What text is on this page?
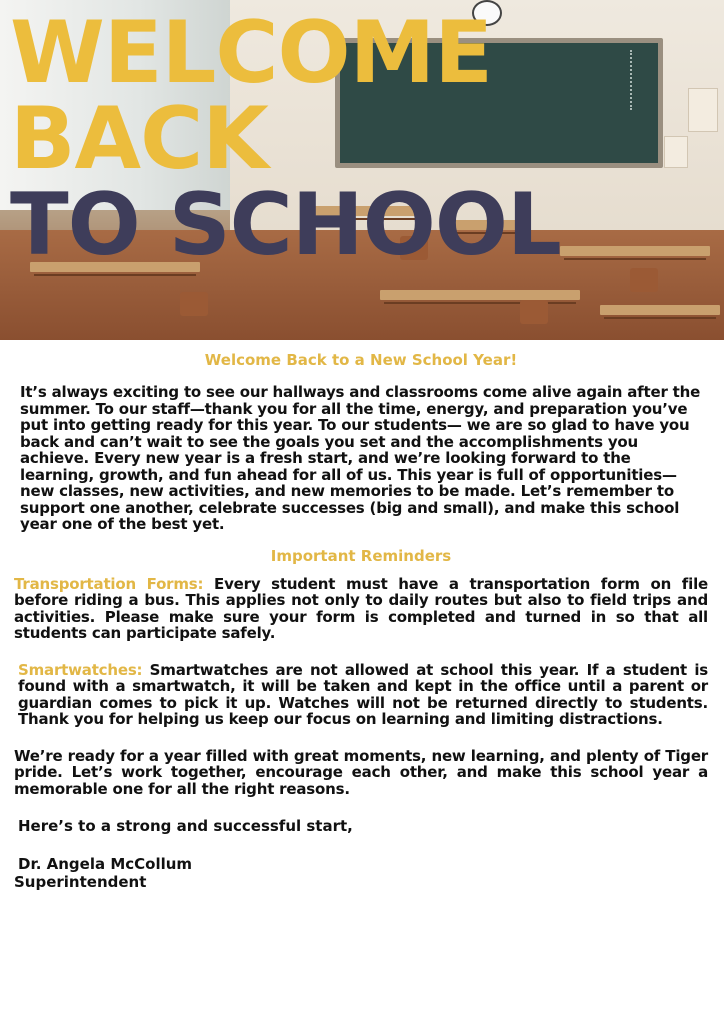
WELCOME
BACK
TO SCHOOL
Welcome Back to a New School Year!

It’s always exciting to see our hallways and classrooms come alive again after the summer. To our staff—thank you for all the time, energy, and preparation you’ve put into getting ready for this year. To our students— we are so glad to have you back and can’t wait to see the goals you set and the accomplishments you achieve. Every new year is a fresh start, and we’re looking forward to the learning, growth, and fun ahead for all of us. This year is full of opportunities—new classes, new activities, and new memories to be made. Let’s remember to support one another, celebrate successes (big and small), and make this school year one of the best yet.

Important Reminders

Transportation Forms: Every student must have a transportation form on file before riding a bus. This applies not only to daily routes but also to field trips and activities. Please make sure your form is completed and turned in so that all students can participate safely.

Smartwatches: Smartwatches are not allowed at school this year. If a student is found with a smartwatch, it will be taken and kept in the office until a parent or guardian comes to pick it up. Watches will not be returned directly to students. Thank you for helping us keep our focus on learning and limiting distractions.

We’re ready for a year filled with great moments, new learning, and plenty of Tiger pride. Let’s work together, encourage each other, and make this school year a memorable one for all the right reasons.

Here’s to a strong and successful start,

Dr. Angela McCollum

Superintendent
